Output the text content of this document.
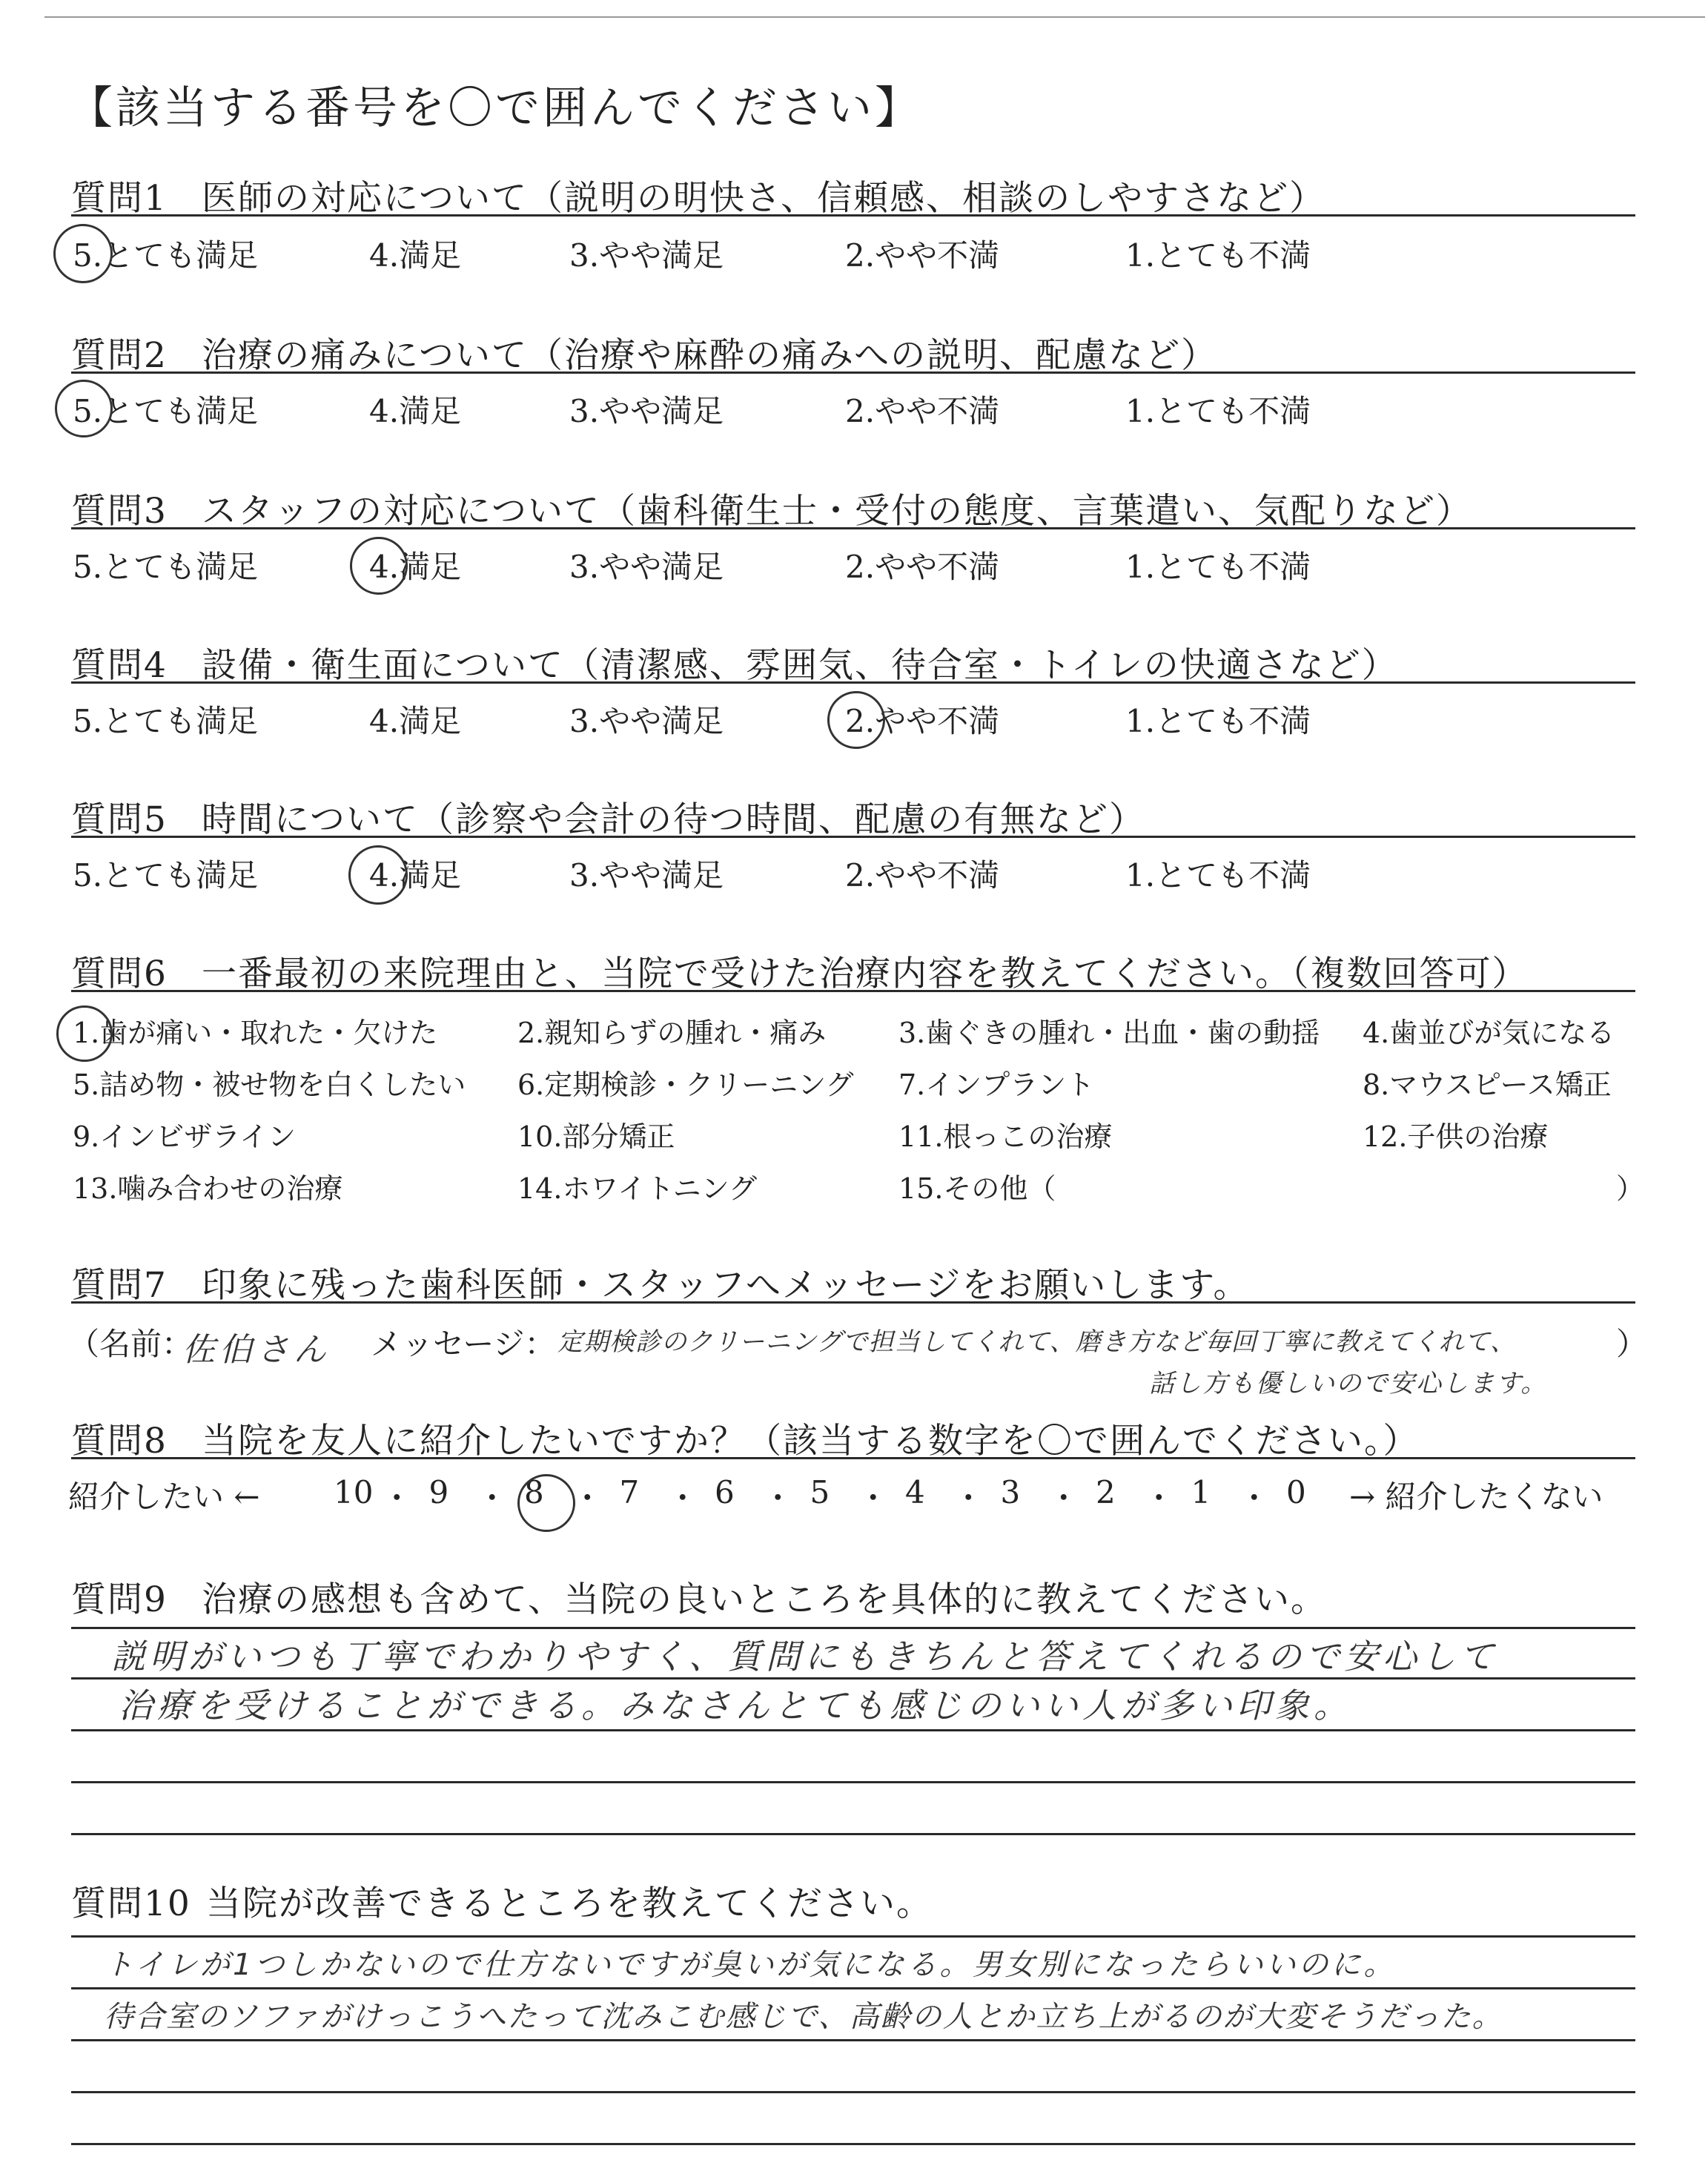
【該当する番号を〇で囲んでください】
質問1 医師の対応について（説明の明快さ、信頼感、相談のしやすさなど）
5.とても満足	4.満足	3.やや満足	2.やや不満	1.とても不満
質問2 治療の痛みについて（治療や麻酔の痛みへの説明、配慮など）
5.とても満足	4.満足	3.やや満足	2.やや不満	1.とても不満
質問3 スタッフの対応について（歯科衛生士・受付の態度、言葉遣い、気配りなど）
5.とても満足	4.満足	3.やや満足	2.やや不満	1.とても不満
質問4 設備・衛生面について（清潔感、雰囲気、待合室・トイレの快適さなど）
5.とても満足	4.満足	3.やや満足	2.やや不満	1.とても不満
質問5 時間について（診察や会計の待つ時間、配慮の有無など）
5.とても満足	4.満足	3.やや満足	2.やや不満	1.とても不満
質問6 一番最初の来院理由と、当院で受けた治療内容を教えてください。（複数回答可）
1.歯が痛い・取れた・欠けた	2.親知らずの腫れ・痛み	3.歯ぐきの腫れ・出血・歯の動揺 4.歯並びが気になる
5.詰め物・被せ物を白くしたい 6.定期検診・クリーニング 7.インプラント	8.マウスピース矯正
9.インビザライン	10.部分矯正	11.根っこの治療	12.子供の治療
13.噛み合わせの治療	14.ホワイトニング	15.その他（	）
質問7 印象に残った歯科医師・スタッフへメッセージをお願いします。
（名前：
佐伯さん メッセージ： 定期検診のクリーニングで担当してくれて、磨き方など毎回丁寧に教えてくれて、
話し方も優しいので安心します。
）
質問8 当院を友人に紹介したいですか？（該当する数字を〇で囲んでください。）
紹介したい ←	→ 紹介したくない
10 ・ 9 ・ 8 ・ 7 ・ 6 ・ 5 ・ 4 ・ 3 ・ 2 ・ 1 ・ 0
質問9 治療の感想も含めて、当院の良いところを具体的に教えてください。
説明がいつも丁寧でわかりやすく、質問にもきちんと答えてくれるので安心して
治療を受けることができる。みなさんとても感じのいい人が多い印象。
質問10 当院が改善できるところを教えてください。
トイレが1つしかないので仕方ないですが臭いが気になる。男女別になったらいいのに。
待合室のソファがけっこうへたって沈みこむ感じで、高齢の人とか立ち上がるのが大変そうだった。
